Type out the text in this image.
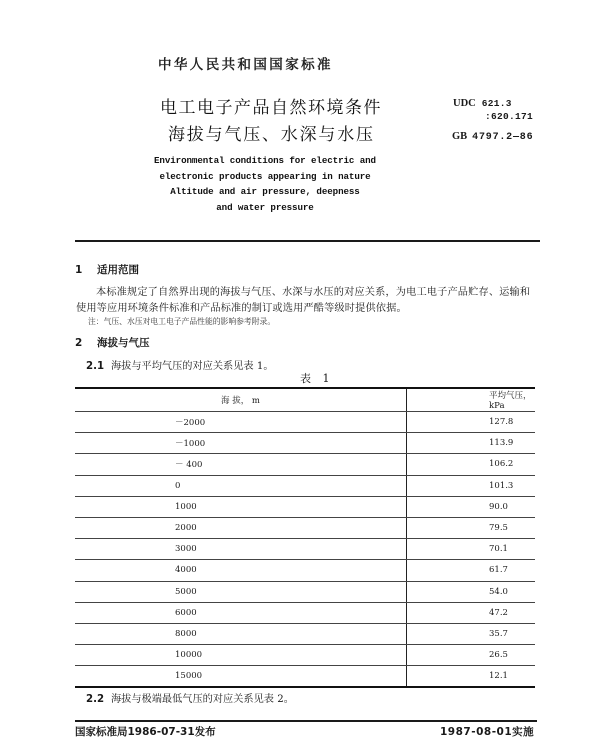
中华人民共和国国家标准
电工电子产品自然环境条件
海拔与气压、水深与水压
UDC 621.3
:620.171
GB 4797.2—86
Environmental conditions for electric and
electronic products appearing in nature
Altitude and air pressure, deepness
and water pressure
1 适用范围
本标准规定了自然界出现的海拔与气压、水深与水压的对应关系，为电工电子产品贮存、运输和
使用等应用环境条件标准和产品标准的制订或选用严酷等级时提供依据。
注：气压、水压对电工电子产品性能的影响参考附录。
2 海拔与气压
2.1 海拔与平均气压的对应关系见表 1。
表 1
海 拔， m	平均气压， kPa
－2000	127.8
－1000	113.9
－ 400	106.2
0	101.3
1000	90.0
2000	79.5
3000	70.1
4000	61.7
5000	54.0
6000	47.2
8000	35.7
10000	26.5
15000	12.1
2.2 海拔与极端最低气压的对应关系见表 2。
国家标准局1986-07-31发布	1987-08-01实施
